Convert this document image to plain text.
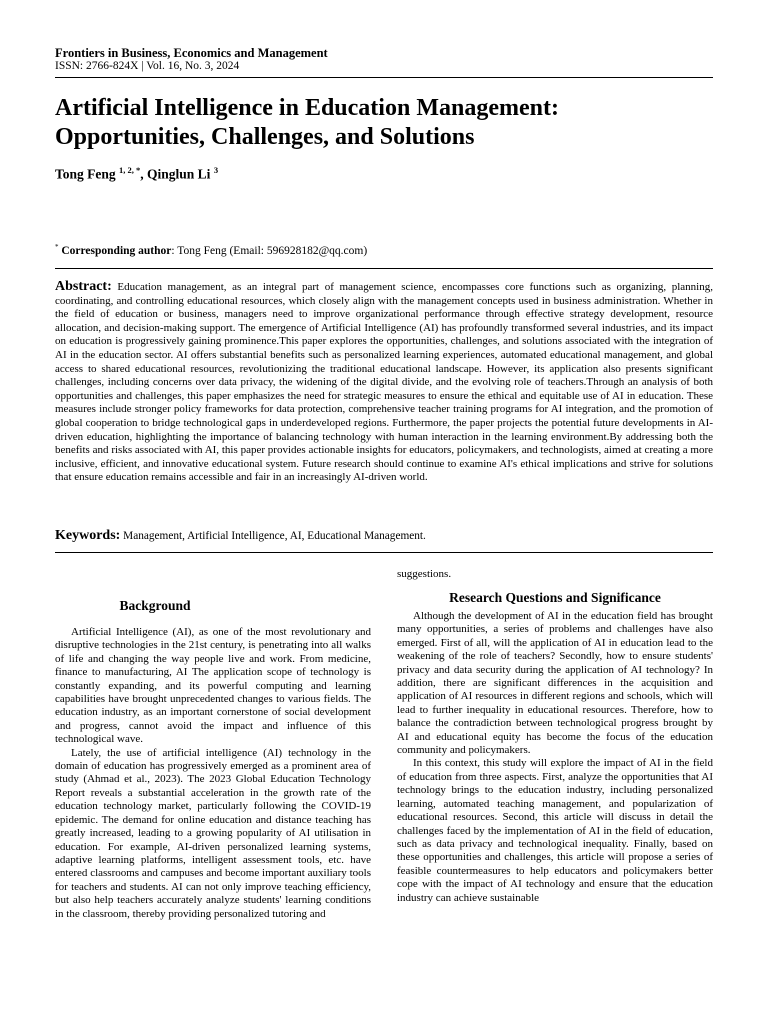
Frontiers in Business, Economics and Management
ISSN: 2766-824X | Vol. 16, No. 3, 2024
Artificial Intelligence in Education Management:
Opportunities, Challenges, and Solutions
Tong Feng $^{1, 2, *}$, Qinglun Li $^3$
* Corresponding author: Tong Feng (Email: 596928182@qq.com)
Abstract: Education management, as an integral part of management science, encompasses core functions such as organizing, planning, coordinating, and controlling educational resources, which closely align with the management concepts used in business administration. Whether in the field of education or business, managers need to improve organizational performance through effective strategy development, resource allocation, and decision-making support. The emergence of Artificial Intelligence (AI) has profoundly transformed several industries, and its impact on education is progressively gaining prominence.This paper explores the opportunities, challenges, and solutions associated with the integration of AI in the education sector. AI offers substantial benefits such as personalized learning experiences, automated educational management, and global access to shared educational resources, revolutionizing the traditional educational landscape. However, its application also presents significant challenges, including concerns over data privacy, the widening of the digital divide, and the evolving role of teachers.Through an analysis of both opportunities and challenges, this paper emphasizes the need for strategic measures to ensure the ethical and equitable use of AI in education. These measures include stronger policy frameworks for data protection, comprehensive teacher training programs for AI integration, and the promotion of global cooperation to bridge technological gaps in underdeveloped regions. Furthermore, the paper projects the potential future developments in AI-driven education, highlighting the importance of balancing technology with human interaction in the learning environment.By addressing both the benefits and risks associated with AI, this paper provides actionable insights for educators, policymakers, and technologists, aimed at creating a more inclusive, efficient, and innovative educational system. Future research should continue to examine AI's ethical implications and strive for solutions that ensure education remains accessible and fair in an increasingly AI-driven world.
Keywords: Management, Artificial Intelligence, AI, Educational Management.
Background

Artificial Intelligence (AI), as one of the most revolutionary and disruptive technologies in the 21st century, is penetrating into all walks of life and changing the way people live and work. From medicine, finance to manufacturing, AI The application scope of technology is constantly expanding, and its powerful computing and learning capabilities have brought unprecedented changes to various fields. The education industry, as an important cornerstone of social development and progress, cannot avoid the impact and influence of this technological wave.

Lately, the use of artificial intelligence (AI) technology in the domain of education has progressively emerged as a prominent area of study (Ahmad et al., 2023). The 2023 Global Education Technology Report reveals a substantial acceleration in the growth rate of the education technology market, particularly following the COVID-19 epidemic. The demand for online education and distance teaching has greatly increased, leading to a growing popularity of AI utilisation in education. For example, AI-driven personalized learning systems, adaptive learning platforms, intelligent assessment tools, etc. have entered classrooms and campuses and become important auxiliary tools for teachers and students. AI can not only improve teaching efficiency, but also help teachers accurately analyze students' learning conditions in the classroom, thereby providing personalized tutoring and

suggestions.
Research Questions and Significance

Although the development of AI in the education field has brought many opportunities, a series of problems and challenges have also emerged. First of all, will the application of AI in education lead to the weakening of the role of teachers? Secondly, how to ensure students' privacy and data security during the application of AI technology? In addition, there are significant differences in the acquisition and application of AI resources in different regions and schools, which will lead to further inequality in educational resources. Therefore, how to balance the contradiction between technological progress brought by AI and educational equity has become the focus of the education community and policymakers.

In this context, this study will explore the impact of AI in the field of education from three aspects. First, analyze the opportunities that AI technology brings to the education industry, including personalized learning, automated teaching management, and popularization of educational resources. Second, this article will discuss in detail the challenges faced by the implementation of AI in the field of education, such as data privacy and technological inequality. Finally, based on these opportunities and challenges, this article will propose a series of feasible countermeasures to help educators and policymakers better cope with the impact of AI technology and ensure that the education industry can achieve sustainable
